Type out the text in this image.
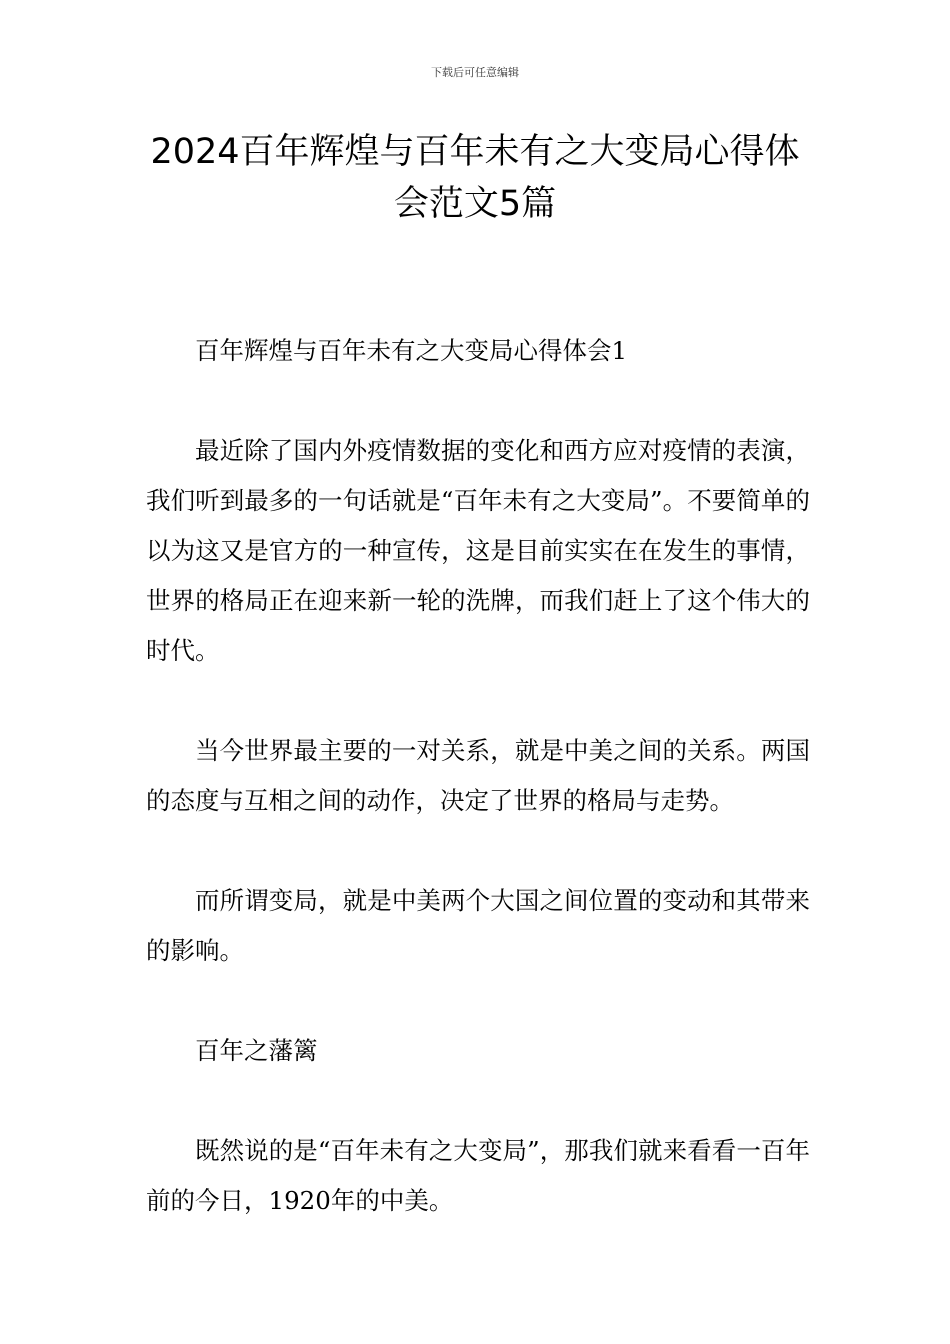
下载后可任意编辑
2024百年辉煌与百年未有之大变局心得体会范文5篇

百年辉煌与百年未有之大变局心得体会1

最近除了国内外疫情数据的变化和西方应对疫情的表演，我们听到最多的一句话就是“百年未有之大变局”。不要简单的以为这又是官方的一种宣传，这是目前实实在在发生的事情，世界的格局正在迎来新一轮的洗牌，而我们赶上了这个伟大的时代。

当今世界最主要的一对关系，就是中美之间的关系。两国的态度与互相之间的动作，决定了世界的格局与走势。

而所谓变局，就是中美两个大国之间位置的变动和其带来的影响。

百年之藩篱

既然说的是“百年未有之大变局”，那我们就来看看一百年前的今日，1920年的中美。
